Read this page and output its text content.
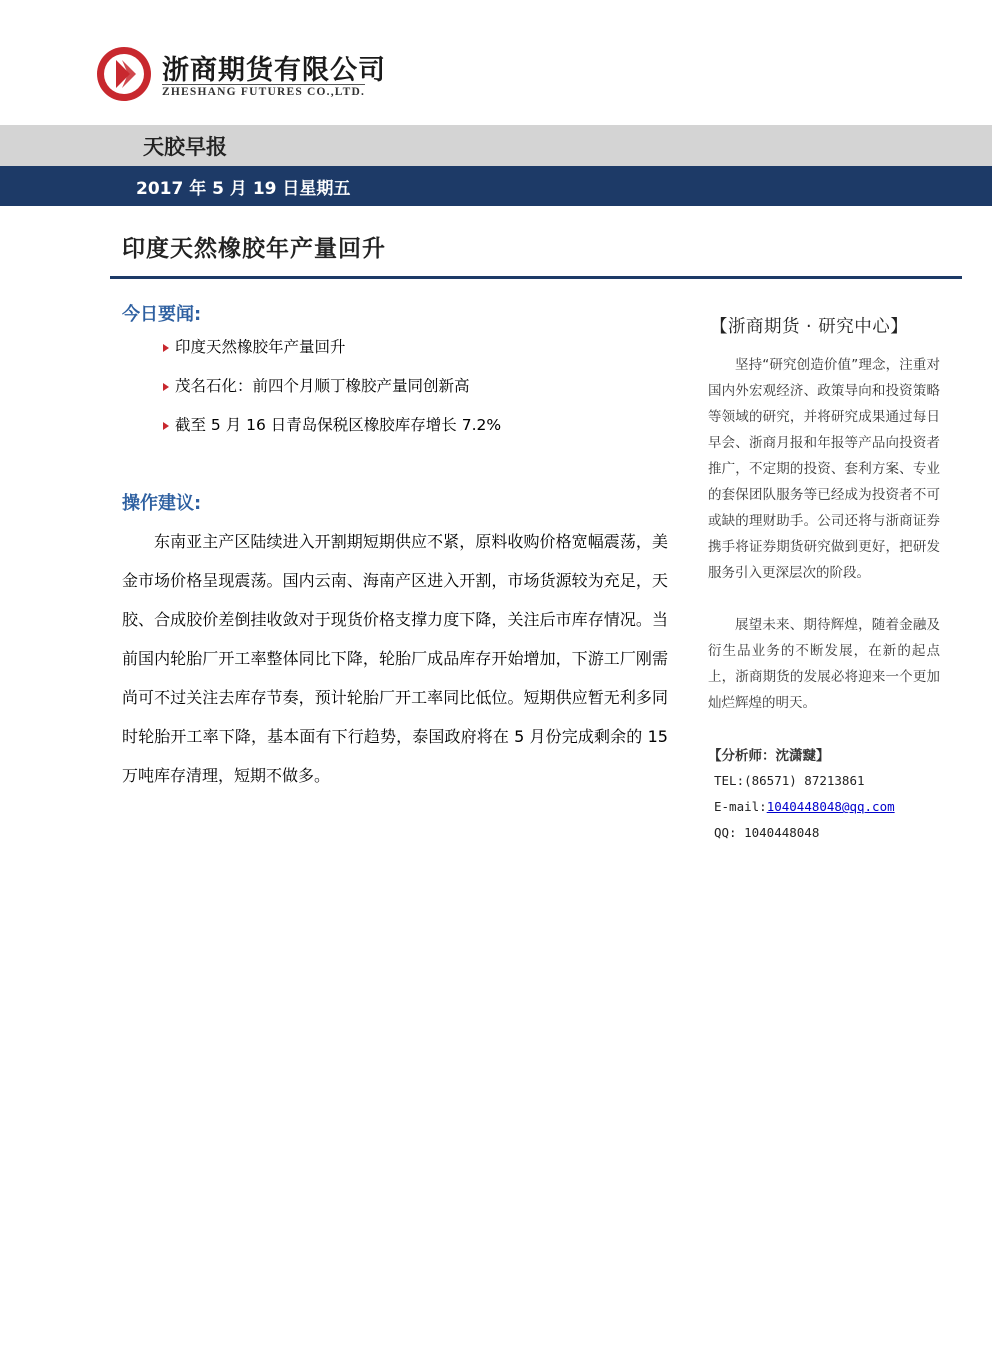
浙商期货有限公司
ZHESHANG FUTURES CO.,LTD.
天胶早报
2017 年 5 月 19 日星期五
印度天然橡胶年产量回升
今日要闻:
印度天然橡胶年产量回升
茂名石化：前四个月顺丁橡胶产量同创新高
截至 5 月 16 日青岛保税区橡胶库存增长 7.2%
操作建议:

东南亚主产区陆续进入开割期短期供应不紧，原料收购价格宽幅震荡，美金市场价格呈现震荡。国内云南、海南产区进入开割，市场货源较为充足，天胶、合成胶价差倒挂收敛对于现货价格支撑力度下降，关注后市库存情况。当前国内轮胎厂开工率整体同比下降，轮胎厂成品库存开始增加，下游工厂刚需尚可不过关注去库存节奏，预计轮胎厂开工率同比低位。短期供应暂无利多同时轮胎开工率下降，基本面有下行趋势，泰国政府将在 5 月份完成剩余的 15 万吨库存清理，短期不做多。

【浙商期货 · 研究中心】

坚持“研究创造价值”理念，注重对国内外宏观经济、政策导向和投资策略等领域的研究，并将研究成果通过每日早会、浙商月报和年报等产品向投资者推广，不定期的投资、套利方案、专业的套保团队服务等已经成为投资者不可或缺的理财助手。公司还将与浙商证券携手将证券期货研究做到更好，把研发服务引入更深层次的阶段。

展望未来、期待辉煌，随着金融及衍生品业务的不断发展，在新的起点上，浙商期货的发展必将迎来一个更加灿烂辉煌的明天。

【分析师：沈潇靆】
TEL:(86571) 87213861
E-mail:1040448048@qq.com
QQ: 1040448048
